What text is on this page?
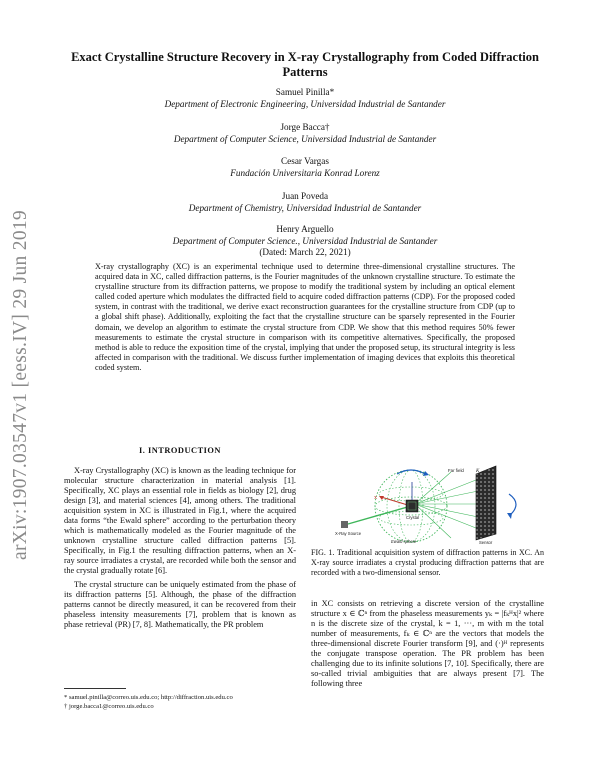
arXiv:1907.03547v1 [eess.IV] 29 Jun 2019
Exact Crystalline Structure Recovery in X-ray Crystallography from Coded Diffraction Patterns
Samuel Pinilla*
Department of Electronic Engineering, Universidad Industrial de Santander
Jorge Bacca†
Department of Computer Science, Universidad Industrial de Santander
Cesar Vargas
Fundación Universitaria Konrad Lorenz
Juan Poveda
Department of Chemistry, Universidad Industrial de Santander
Henry Arguello
Department of Computer Science., Universidad Industrial de Santander
(Dated: March 22, 2021)

X-ray crystallography (XC) is an experimental technique used to determine three-dimensional crystalline structures. The acquired data in XC, called diffraction patterns, is the Fourier magnitudes of the unknown crystalline structure. To estimate the crystalline structure from its diffraction patterns, we propose to modify the traditional system by including an optical element called coded aperture which modulates the diffracted field to acquire coded diffraction patterns (CDP). For the proposed coded system, in contrast with the traditional, we derive exact reconstruction guarantees for the crystalline structure from CDP (up to a global shift phase). Additionally, exploiting the fact that the crystalline structure can be sparsely represented in the Fourier domain, we develop an algorithm to estimate the crystal structure from CDP. We show that this method requires 50% fewer measurements to estimate the crystal structure in comparison with its competitive alternatives. Specifically, the proposed method is able to reduce the exposition time of the crystal, implying that under the proposed setup, its structural integrity is less affected in comparison with the traditional. We discuss further implementation of imaging devices that exploits this theoretical coded system.

I. INTRODUCTION

X-ray Crystallography (XC) is known as the leading technique for molecular structure characterization in material analysis [1]. Specifically, XC plays an essential role in fields as biology [2], drug design [3], and material sciences [4], among others. The traditional acquisition system in XC is illustrated in Fig.1, where the acquired data forms “the Ewald sphere” according to the perturbation theory which is mathematically modeled as the Fourier magnitude of the unknown crystalline structure called diffraction patterns [5]. Specifically, in Fig.1 the resulting diffraction patterns, when an X-ray source irradiates a crystal, are recorded while both the sensor and the crystal gradually rotate [6].

The crystal structure can be uniquely estimated from the phase of its diffraction patterns [5]. Although, the phase of the diffraction patterns cannot be directly measured, it can be recovered from their phaseless intensity measurements [7], problem that is known as phase retrieval (PR) [7, 8]. Mathematically, the PR problem

X-Ray Source
x
Crystal
Far field K
Ewald sphere	Sensor

FIG. 1. Traditional acquisition system of diffraction patterns in XC. An X-ray source irradiates a crystal producing diffraction patterns that are recorded with a two-dimensional sensor.

in XC consists on retrieving a discrete version of the crystalline structure x ∈ ℂⁿ from the phaseless measurements yₖ = |fₖᴴx|² where n is the discrete size of the crystal, k = 1, ···, m with m the total number of measurements, fₖ ∈ ℂⁿ are the vectors that models the three-dimensional discrete Fourier transform [9], and (·)ᴴ represents the conjugate transpose operation. The PR problem has been challenging due to its infinite solutions [7, 10]. Specifically, there are so-called trivial ambiguities that are always present [7]. The following three

* samuel.pinilla@correo.uis.edu.co; http://diffraction.uis.edu.co
† jorge.bacca1@correo.uis.edu.co
